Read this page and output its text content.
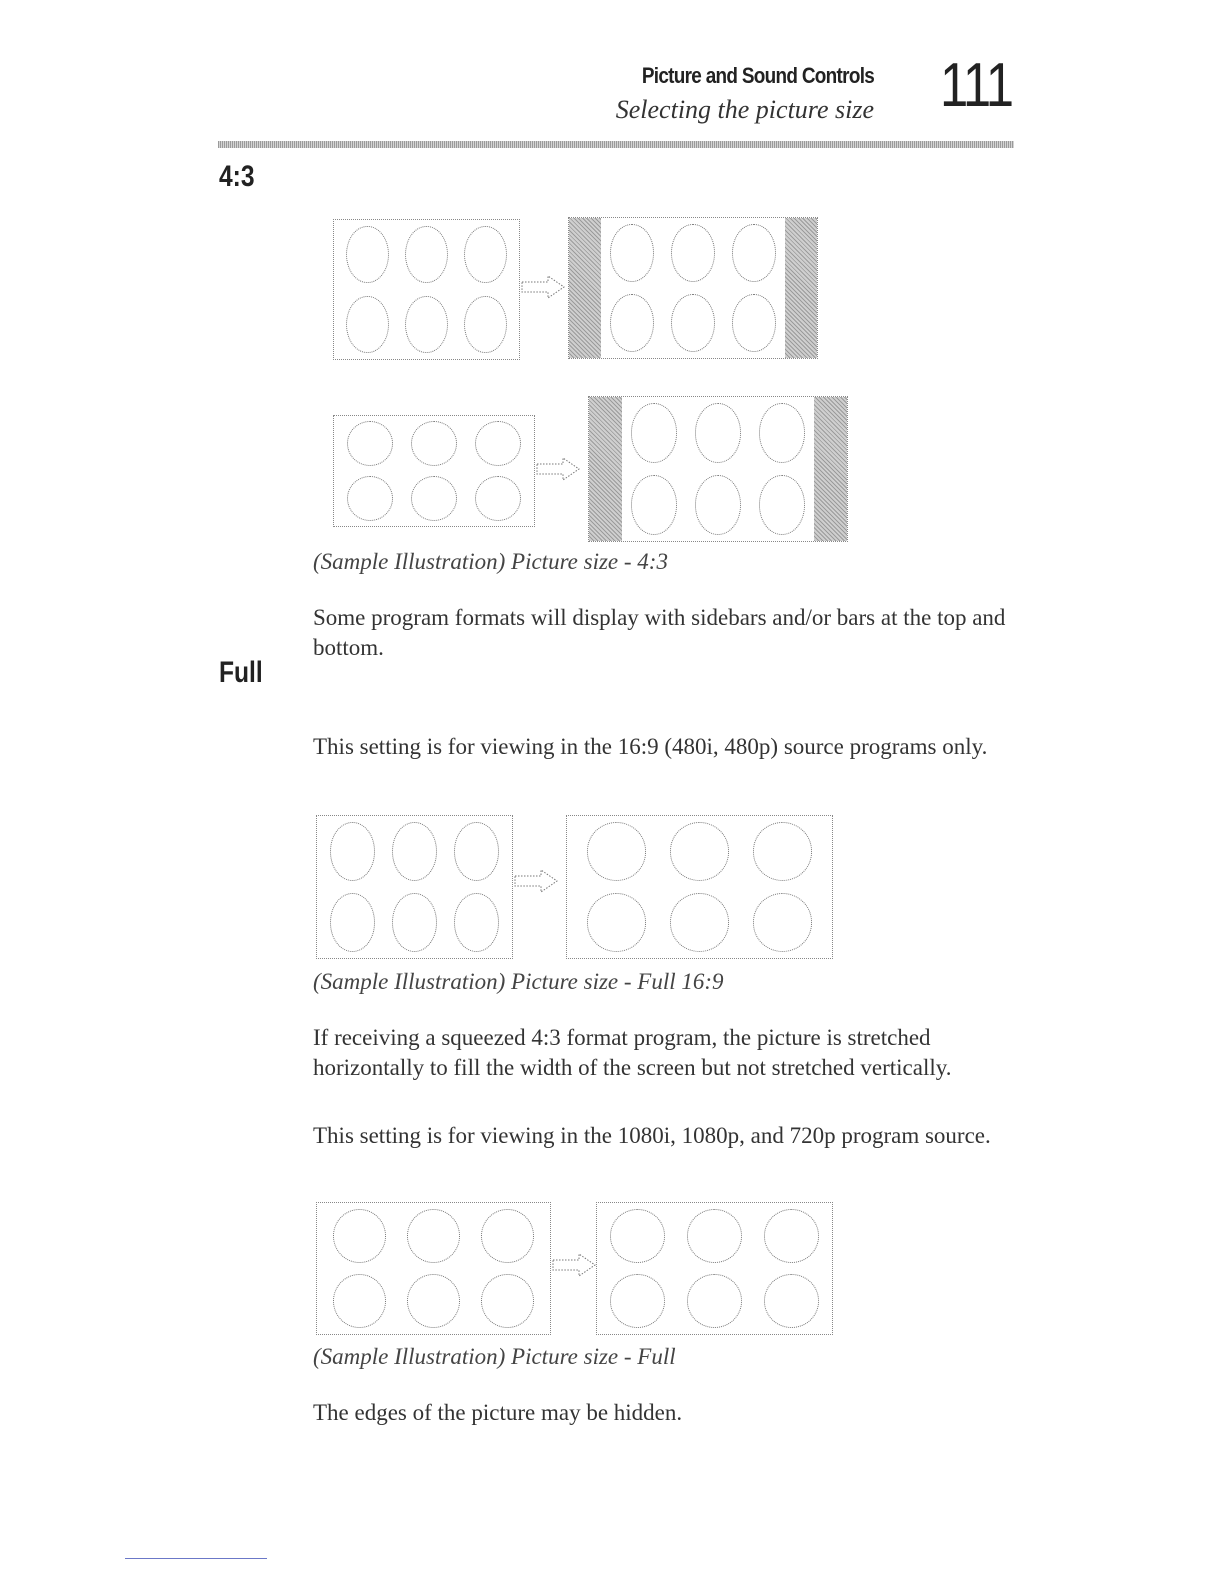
Picture and Sound Controls
Selecting the picture size 111
4:3
(Sample Illustration) Picture size - 4:3
Some program formats will display with sidebars and/or bars at the top and bottom.
Full
This setting is for viewing in the 16:9 (480i, 480p) source programs only.
(Sample Illustration) Picture size - Full 16:9
If receiving a squeezed 4:3 format program, the picture is stretched horizontally to fill the width of the screen but not stretched vertically.
This setting is for viewing in the 1080i, 1080p, and 720p program source.
(Sample Illustration) Picture size - Full
The edges of the picture may be hidden.
